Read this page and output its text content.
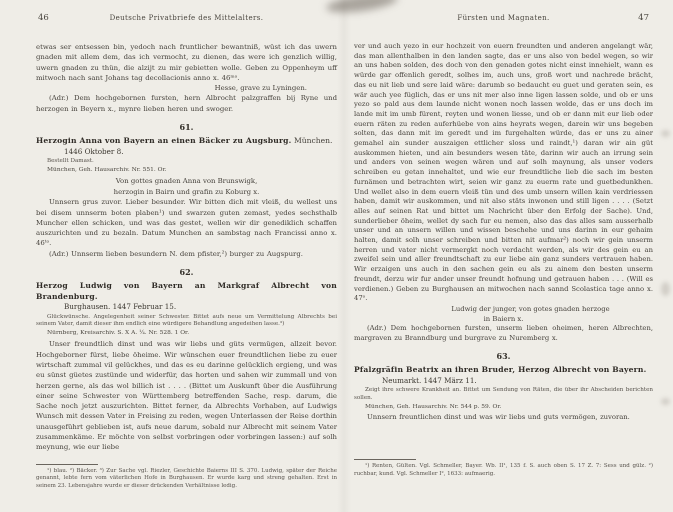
46	Deutsche Privatbriefe des Mittelalters.

etwas ser entsessen bin, yedoch nach fruntlicher bewantniß, wüst ich das uwern gnaden mit allem dem, das ich vermocht, zu dienen, das were ich genzlich willig, uwern gnaden zu thün, die alzijt zu mir gebietten wolle. Geben zu Oppenheym uff mitwoch nach sant Johans tag decollacionis anno x. 46ᵐᵒ.

Hesse, grave zu Lyningen.

(Adr.) Dem hochgebornen fursten, hern Albrocht palzgraffen bij Ryne und herzogen in Beyern x., mynre lieben heren und swoger.

61.

Herzogin Anna von Bayern an einen Bäcker zu Augsburg. München.

1446 Oktober 8.

Bestellt Damast.

München, Geh. Hausarchiv. Nr. 551. Or.

Von gottes gnaden Anna von Brunswigk,

herzogin in Bairn und grafin zu Koburg x.

Unnsern grus zuvor. Lieber besunder. Wir bitten dich mit vleiß, du wellest uns bei disem unnserm boten plaben¹) und swarzen guten zemast, yedes sechsthalb Muncher ellen schicken, und was das gestet, wellen wir dir genediklich schaffen auszurichten und zu bezaln. Datum Munchen an sambstag nach Francissi anno x. 46ᵗᵒ.

(Adr.) Unnserm lieben besundern N. dem pfister,²) burger zu Augspurg.

62.

Herzog Ludwig von Bayern an Markgraf Albrecht von Brandenburg.

Burghausen. 1447 Februar 15.

Glückwünsche. Angelegenheit seiner Schwester. Bittet aufs neue um Vermittelung Albrechts bei seinem Vater, damit dieser ihm endlich eine würdigere Behandlung angedeihen lasse.³)

Nürnberg, Kreisarchiv. S. X A. ¼. Nr. 528. 1 Or.

Unser freundtlich dinst und was wir liebs und güts vermügen, allzeit bevor. Hochgeborner fürst, liebe öheime. Wir wünschen euer freundtlichen liebe zu euer wirtschaft zummal vil gelückhes, und das es eu darinne gelücklich ergieng, und was eu sünst güetes zustünde und widerfür, das horten und sahen wir zummall und von herzen gerne, als das wol billich ist . . . . (Bittet um Auskunft über die Ausführung einer seine Schwester von Württemberg betreffenden Sache, resp. darum, die Sache noch jetzt auszurichten. Bittet ferner, da Albrechts Vorhaben, auf Ludwigs Wunsch mit dessen Vater in Freising zu reden, wegen Unterlassen der Reise dorthin unausgeführt geblieben ist, aufs neue darum, sobald nur Albrecht mit seinem Vater zusammenkäme. Er möchte von selbst vorbringen oder vorbringen lassen:) auf solh meynung, wie eur liebe

¹) blau. ²) Bäcker. ³) Zur Sache vgl. Riezler, Geschichte Baierns III S. 370. Ludwig, später der Reiche genannt, lebte fern vom väterlichen Hofe in Burghausen. Er wurde karg und streng gehalten. Erst in seinem 23. Lebensjahre wurde er dieser drückenden Verhältnisse ledig.

Fürsten und Magnaten.	47

ver und auch yezo in eur hochzeit von euern freundten und anderen angelangt wär, das man allenthalben in den landen sagte, das er uns also von bedel wegen, so wir an uns haben solden, des doch von den genaden gotes nicht einst innehielt, wann es würde gar offenlich geredt, solhes im, auch uns, groß wort und nachrede brächt, das eu nit lieb und sere laid wäre: darumb so bedaucht eu guet und geraten sein, es wär auch yee füglich, das er uns nit mer also inne ligen lassen solde, und ob er uns yezo so pald aus dem launde nicht wonen noch lassen wolde, das er uns doch im lande mit im umb fürent, reyten und wonen liesse, und ob er dann mit eur lieb oder euern räten zu reden auferhüebe von ains heyrats wegen, darein wir uns begeben solten, das dann mit im geredt und im furgehalten würde, das er uns zu ainer gemahel ain sunder auszaigen ettlicher sloss und raindt,¹) daran wir ain güt auskommen hieten, und ain besunders wesen täte, darinn wir auch an irrung sein und anders von seinen wegen wären und auf solh maynung, als unser voders schreiben eu getan innehaltet, und wie eur freundtliche lieb die sach im besten furnämen und betrachten wirt, seien wir ganz zu euerm rate und guetbedunkhen. Und wellet also in dem euern vleiß tün und des umb unsern willen kain verdriessen haben, damit wir auskommen, und nit also stäts inwonen und still ligen . . . . (Setzt alles auf seinen Rat und bittet um Nachricht über den Erfolg der Sache). Und, sunderlieber öheim, wellet dy sach fur eu nemen, also das das alles sam ausserhalb unser und an unsern willen und wissen beschehe und uns darinn in eur gehaim halten, damit solh unser schreiben und bitten nit aufmar²) noch wir gein unserm herren und vater nicht vermergkt noch verdacht werden, als wir des gein eu an zweifel sein und aller freundtschaft zu eur liebe ain ganz sunders vertrauen haben. Wir erzaigen uns auch in den sachen gein eu als zu ainem den besten unserm freundt, derzu wir fur ander unser freundt hofnung und getrauen haben . . . (Will es verdienen.) Geben zu Burghausen an mitwochen nach sannd Scolastica tage anno x. 47ᵒ.

Ludwig der junger, von gotes gnaden herzoge

in Baiern x.

(Adr.) Dem hochgebornen fursten, unserm lieben oheimen, heren Albrechten, margraven zu Branndburg und burgrave zu Nuremberg x.

63.

Pfalzgräfin Beatrix an ihren Bruder, Herzog Albrecht von Bayern.

Neumarkt. 1447 März 11.

Zeigt ihre schwere Krankheit an. Bittet um Sendung von Räten, die über ihr Abscheiden berichten sollen.

München, Geh. Hausarchiv. Nr. 544 p. 59. Or.

Unnsern freuntlichen dinst und was wir liebs und guts vermögen, zuvoran.

¹) Renten, Gülten. Vgl. Schmeller, Bayer. Wb. II¹, 135 f. S. auch oben S. 17 Z. 7: Sess und gülz. ²) ruchbar, kund. Vgl. Schmeller I², 1633: aufmaerig.
